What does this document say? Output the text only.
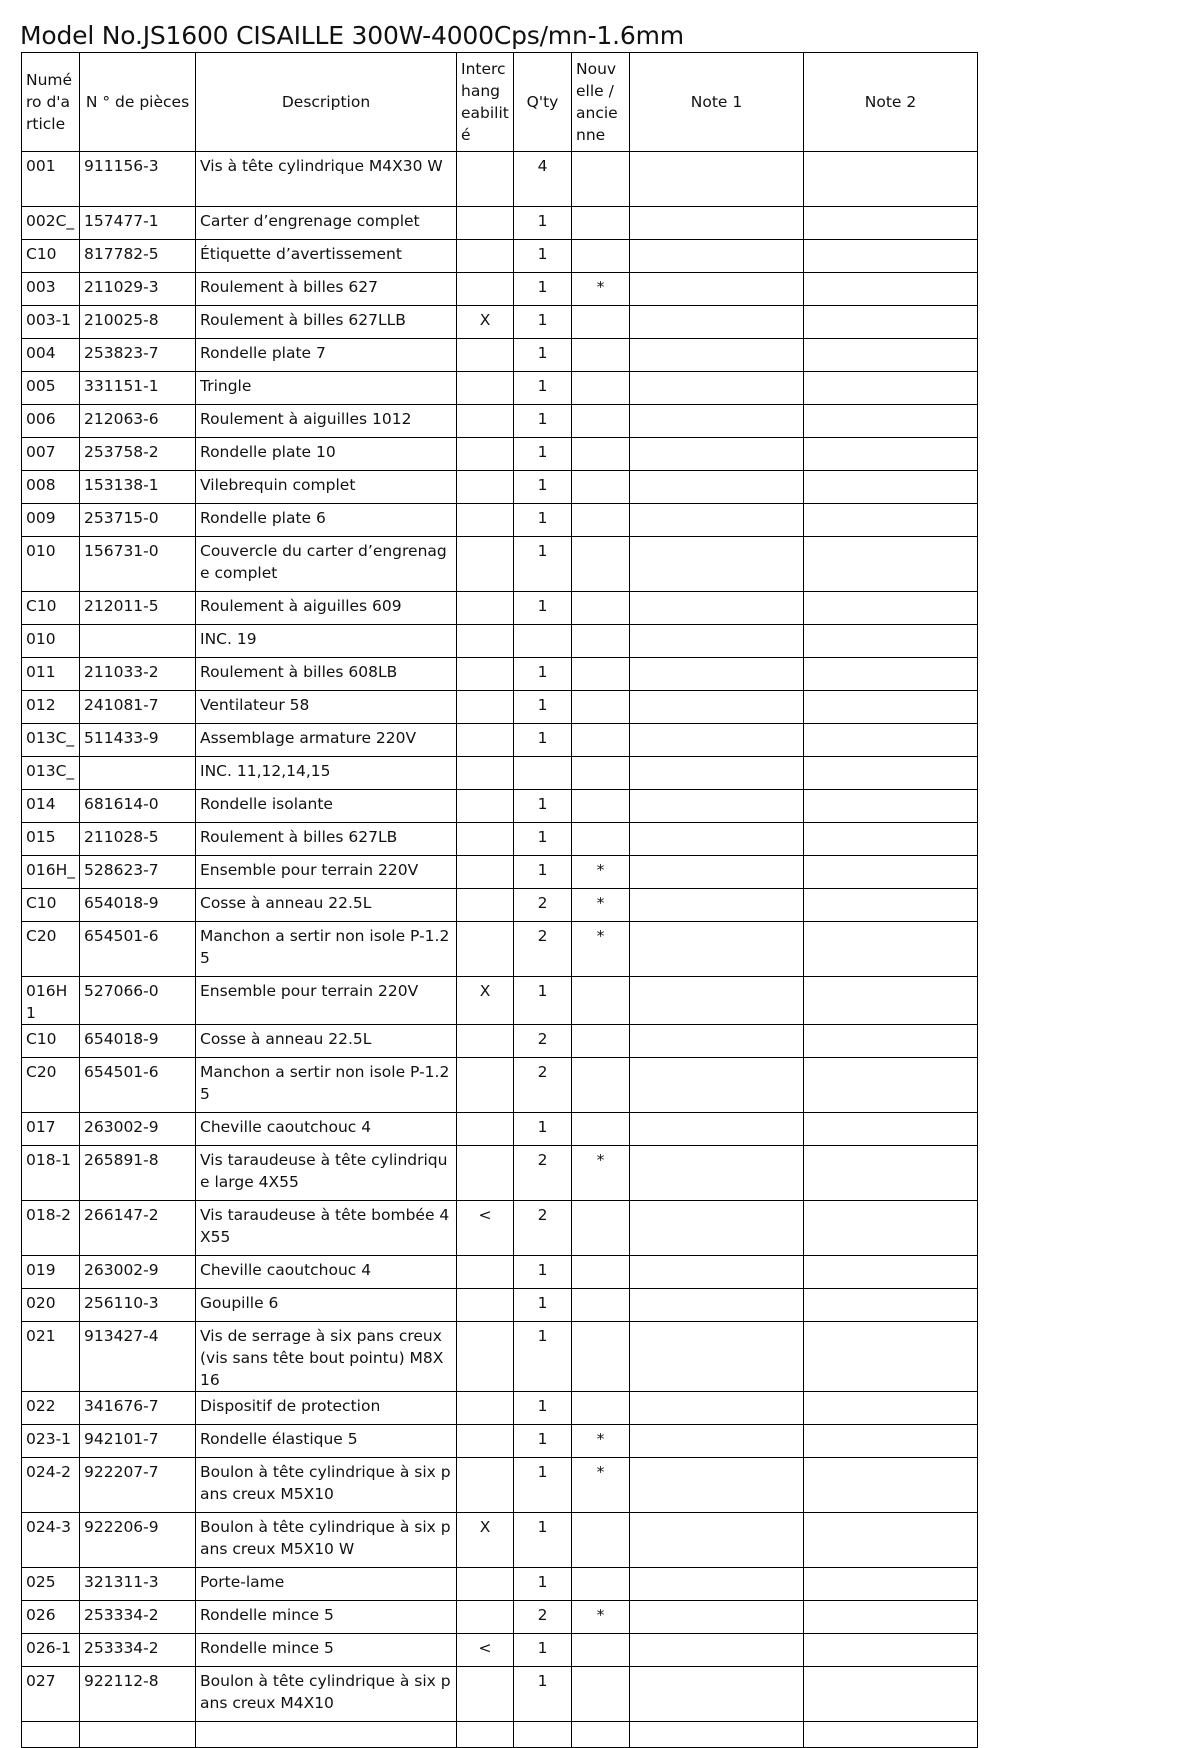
Model No.JS1600 CISAILLE 300W-4000Cps/mn-1.6mm
Numéro d'article	N ° de pièces	Description	Interchangeabilité	Q'ty	Nouvelle / ancienne	Note 1	Note 2
001	911156-3	Vis à tête cylindrique M4X30 W		4			
002C_	157477-1	Carter d’engrenage complet		1			
C10	817782-5	Étiquette d’avertissement		1			
003	211029-3	Roulement à billes 627		1	*		
003-1	210025-8	Roulement à billes 627LLB	X	1			
004	253823-7	Rondelle plate 7		1			
005	331151-1	Tringle		1			
006	212063-6	Roulement à aiguilles 1012		1			
007	253758-2	Rondelle plate 10		1			
008	153138-1	Vilebrequin complet		1			
009	253715-0	Rondelle plate 6		1			
010	156731-0	Couvercle du carter d’engrenage complet		1			
C10	212011-5	Roulement à aiguilles 609		1			
010		INC. 19					
011	211033-2	Roulement à billes 608LB		1			
012	241081-7	Ventilateur 58		1			
013C_	511433-9	Assemblage armature 220V		1			
013C_		INC. 11,12,14,15					
014	681614-0	Rondelle isolante		1			
015	211028-5	Roulement à billes 627LB		1			
016H_	528623-7	Ensemble pour terrain 220V		1	*		
C10	654018-9	Cosse à anneau 22.5L		2	*		
C20	654501-6	Manchon a sertir non isole P-1.25		2	*		
016H1	527066-0	Ensemble pour terrain 220V	X	1			
C10	654018-9	Cosse à anneau 22.5L		2			
C20	654501-6	Manchon a sertir non isole P-1.25		2			
017	263002-9	Cheville caoutchouc 4		1			
018-1	265891-8	Vis taraudeuse à tête cylindrique large 4X55		2	*		
018-2	266147-2	Vis taraudeuse à tête bombée 4X55	<	2			
019	263002-9	Cheville caoutchouc 4		1			
020	256110-3	Goupille 6		1			
021	913427-4	Vis de serrage à six pans creux (vis sans tête bout pointu) M8X16		1			
022	341676-7	Dispositif de protection		1			
023-1	942101-7	Rondelle élastique 5		1	*		
024-2	922207-7	Boulon à tête cylindrique à six pans creux M5X10		1	*		
024-3	922206-9	Boulon à tête cylindrique à six pans creux M5X10 W	X	1			
025	321311-3	Porte-lame		1			
026	253334-2	Rondelle mince 5		2	*		
026-1	253334-2	Rondelle mince 5	<	1			
027	922112-8	Boulon à tête cylindrique à six pans creux M4X10		1			
